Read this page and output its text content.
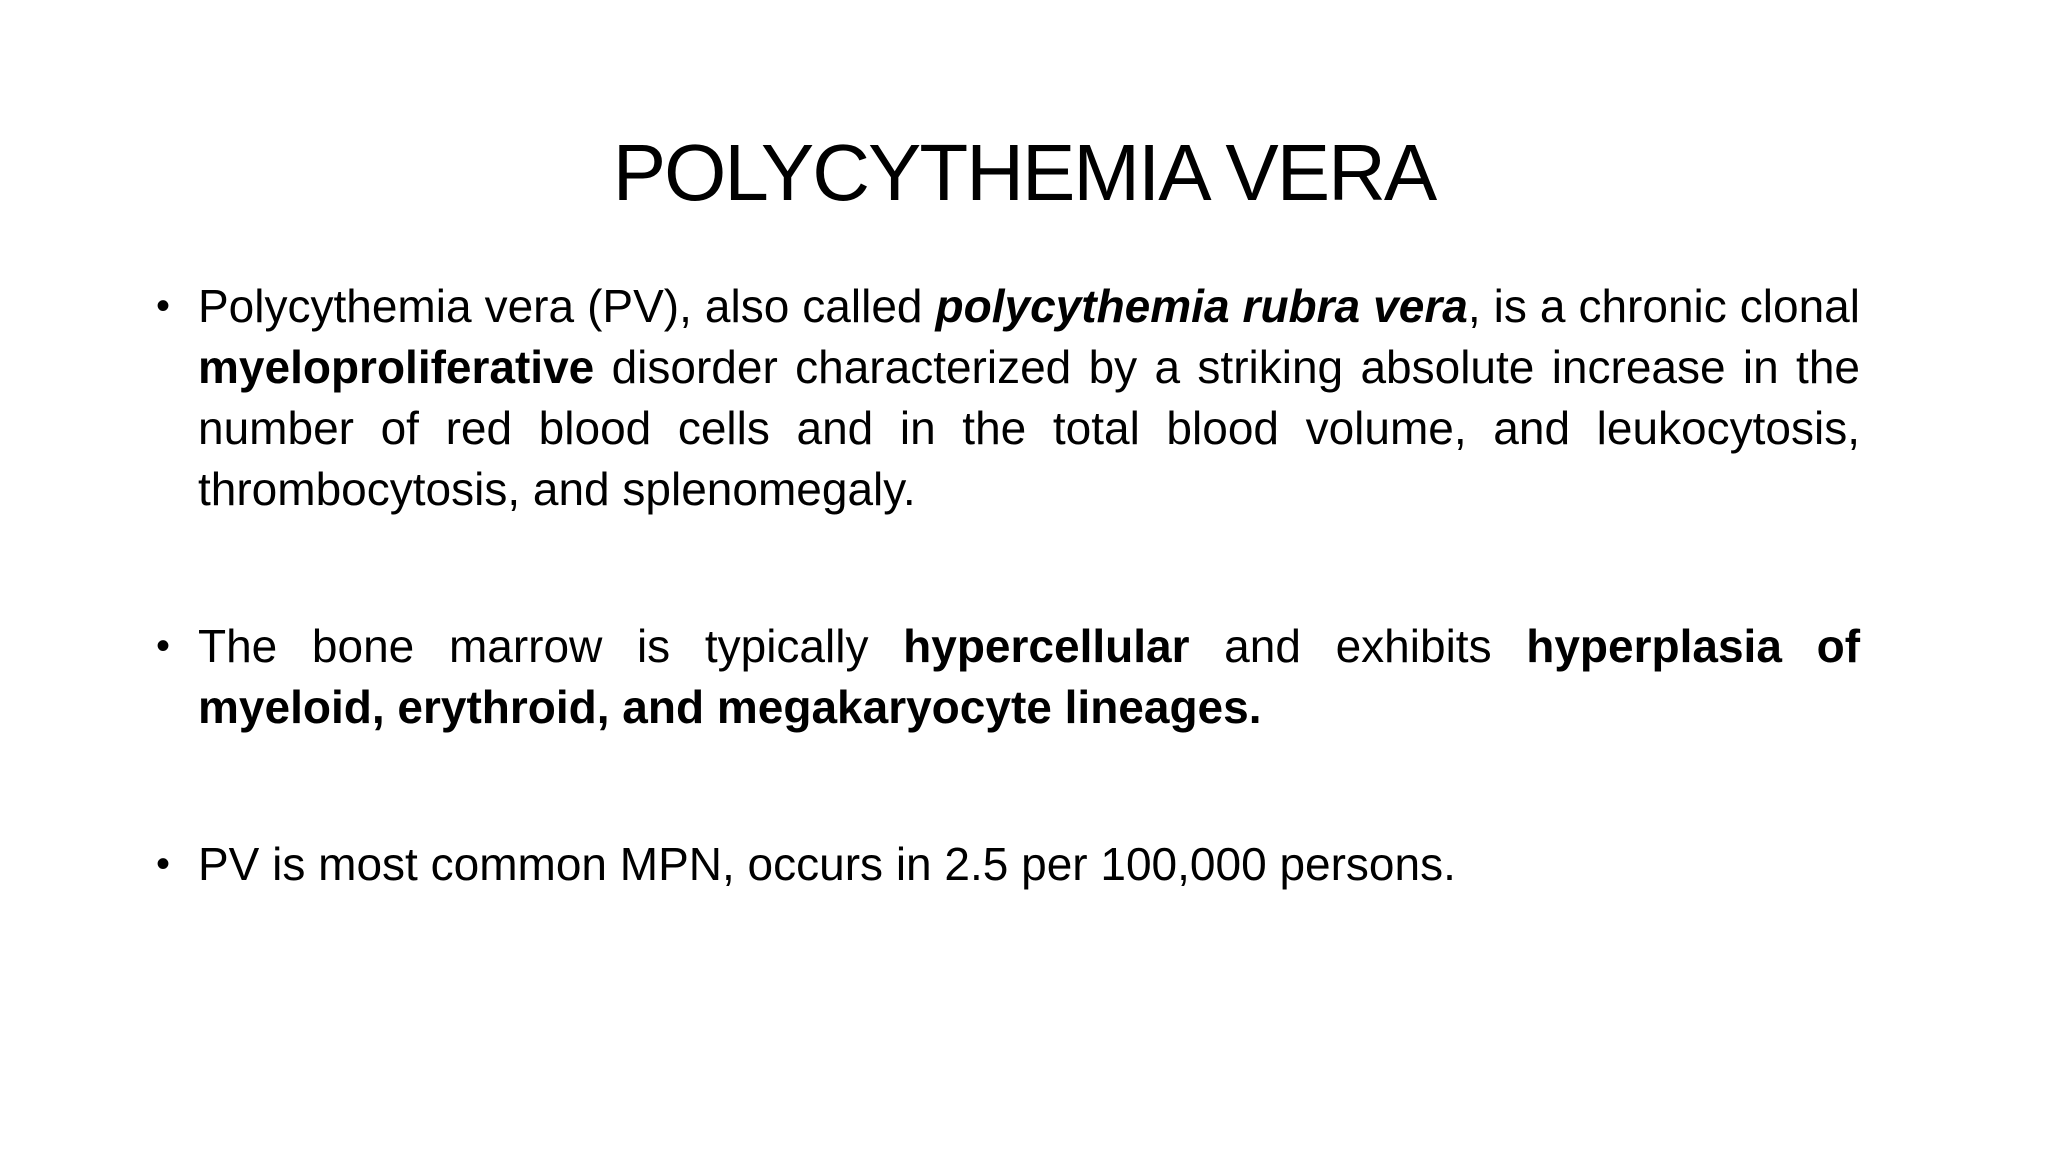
POLYCYTHEMIA VERA
• Polycythemia vera (PV), also called polycythemia rubra vera, is a chronic clonal myeloproliferative disorder characterized by a striking absolute increase in the number of red blood cells and in the total blood volume, and leukocytosis, thrombocytosis, and splenomegaly.
• The bone marrow is typically hypercellular and exhibits hyperplasia of myeloid, erythroid, and megakaryocyte lineages.
• PV is most common MPN, occurs in 2.5 per 100,000 persons.
